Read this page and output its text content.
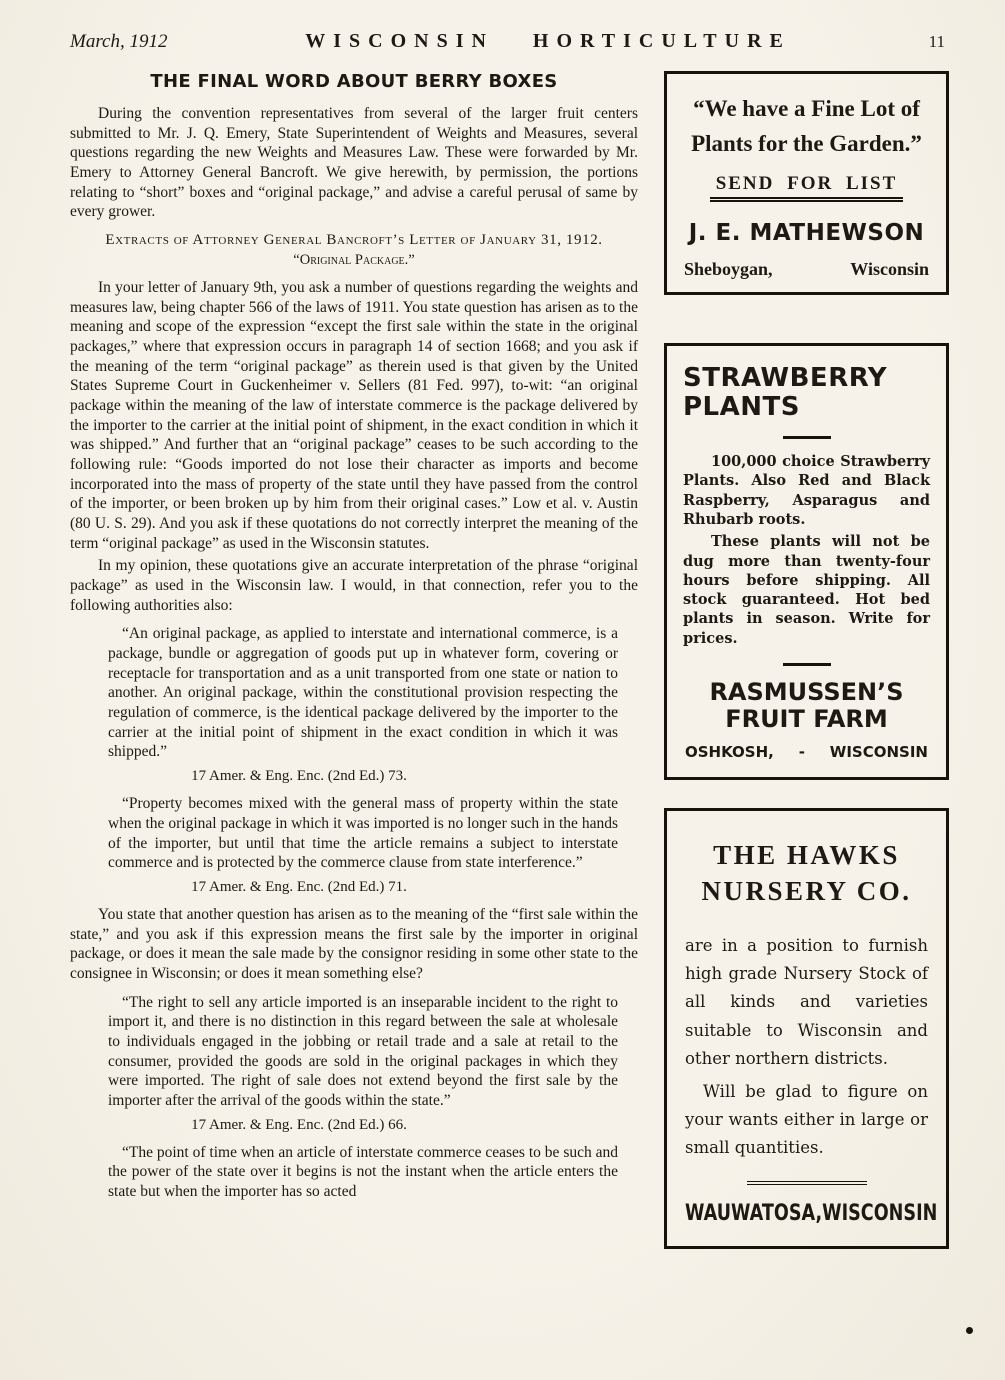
March, 1912	WISCONSIN HORTICULTURE	11
THE FINAL WORD ABOUT BERRY BOXES

During the convention representatives from several of the larger fruit centers submitted to Mr. J. Q. Emery, State Superintendent of Weights and Measures, several questions regarding the new Weights and Measures Law. These were forwarded by Mr. Emery to Attorney General Bancroft. We give herewith, by permission, the portions relating to “short” boxes and “original package,” and advise a careful perusal of same by every grower.

Extracts of Attorney General Bancroft’s Letter of January 31, 1912.

“Original Package.”

In your letter of January 9th, you ask a number of questions regarding the weights and measures law, being chapter 566 of the laws of 1911. You state question has arisen as to the meaning and scope of the expression “except the first sale within the state in the original packages,” where that expression occurs in paragraph 14 of section 1668; and you ask if the meaning of the term “original package” as therein used is that given by the United States Supreme Court in Guckenheimer v. Sellers (81 Fed. 997), to-wit: “an original package within the meaning of the law of interstate commerce is the package delivered by the importer to the carrier at the initial point of shipment, in the exact condition in which it was shipped.” And further that an “original package” ceases to be such according to the following rule: “Goods imported do not lose their character as imports and become incorporated into the mass of property of the state until they have passed from the control of the importer, or been broken up by him from their original cases.” Low et al. v. Austin (80 U. S. 29). And you ask if these quotations do not correctly interpret the meaning of the term “original package” as used in the Wisconsin statutes.

In my opinion, these quotations give an accurate interpretation of the phrase “original package” as used in the Wisconsin law. I would, in that connection, refer you to the following authorities also:

“An original package, as applied to interstate and international commerce, is a package, bundle or aggregation of goods put up in whatever form, covering or receptacle for transportation and as a unit transported from one state or nation to another. An original package, within the constitutional provision respecting the regulation of commerce, is the identical package delivered by the importer to the carrier at the initial point of shipment in the exact condition in which it was shipped.”

17 Amer. & Eng. Enc. (2nd Ed.) 73.

“Property becomes mixed with the general mass of property within the state when the original package in which it was imported is no longer such in the hands of the importer, but until that time the article remains a subject to interstate commerce and is protected by the commerce clause from state interference.”

17 Amer. & Eng. Enc. (2nd Ed.) 71.

You state that another question has arisen as to the meaning of the “first sale within the state,” and you ask if this expression means the first sale by the importer in original package, or does it mean the sale made by the consignor residing in some other state to the consignee in Wisconsin; or does it mean something else?

“The right to sell any article imported is an inseparable incident to the right to import it, and there is no distinction in this regard between the sale at wholesale to individuals engaged in the jobbing or retail trade and a sale at retail to the consumer, provided the goods are sold in the original packages in which they were imported. The right of sale does not extend beyond the first sale by the importer after the arrival of the goods within the state.”

17 Amer. & Eng. Enc. (2nd Ed.) 66.

“The point of time when an article of interstate commerce ceases to be such and the power of the state over it begins is not the instant when the article enters the state but when the importer has so acted

“We have a Fine Lot of Plants for the Garden.”

SEND FOR LIST

J. E. MATHEWSON

Sheboygan,	Wisconsin
STRAWBERRY
PLANTS

100,000 choice Strawberry Plants. Also Red and Black Raspberry, Asparagus and Rhubarb roots.

These plants will not be dug more than twenty-four hours before shipping. All stock guaranteed. Hot bed plants in season. Write for prices.

RASMUSSEN’S
FRUIT FARM
OSHKOSH, - WISCONSIN
THE HAWKS
NURSERY CO.

are in a position to furnish high grade Nursery Stock of all kinds and varieties suitable to Wisconsin and other northern districts.

Will be glad to figure on your wants either in large or small quantities.

WAUWATOSA, WISCONSIN
